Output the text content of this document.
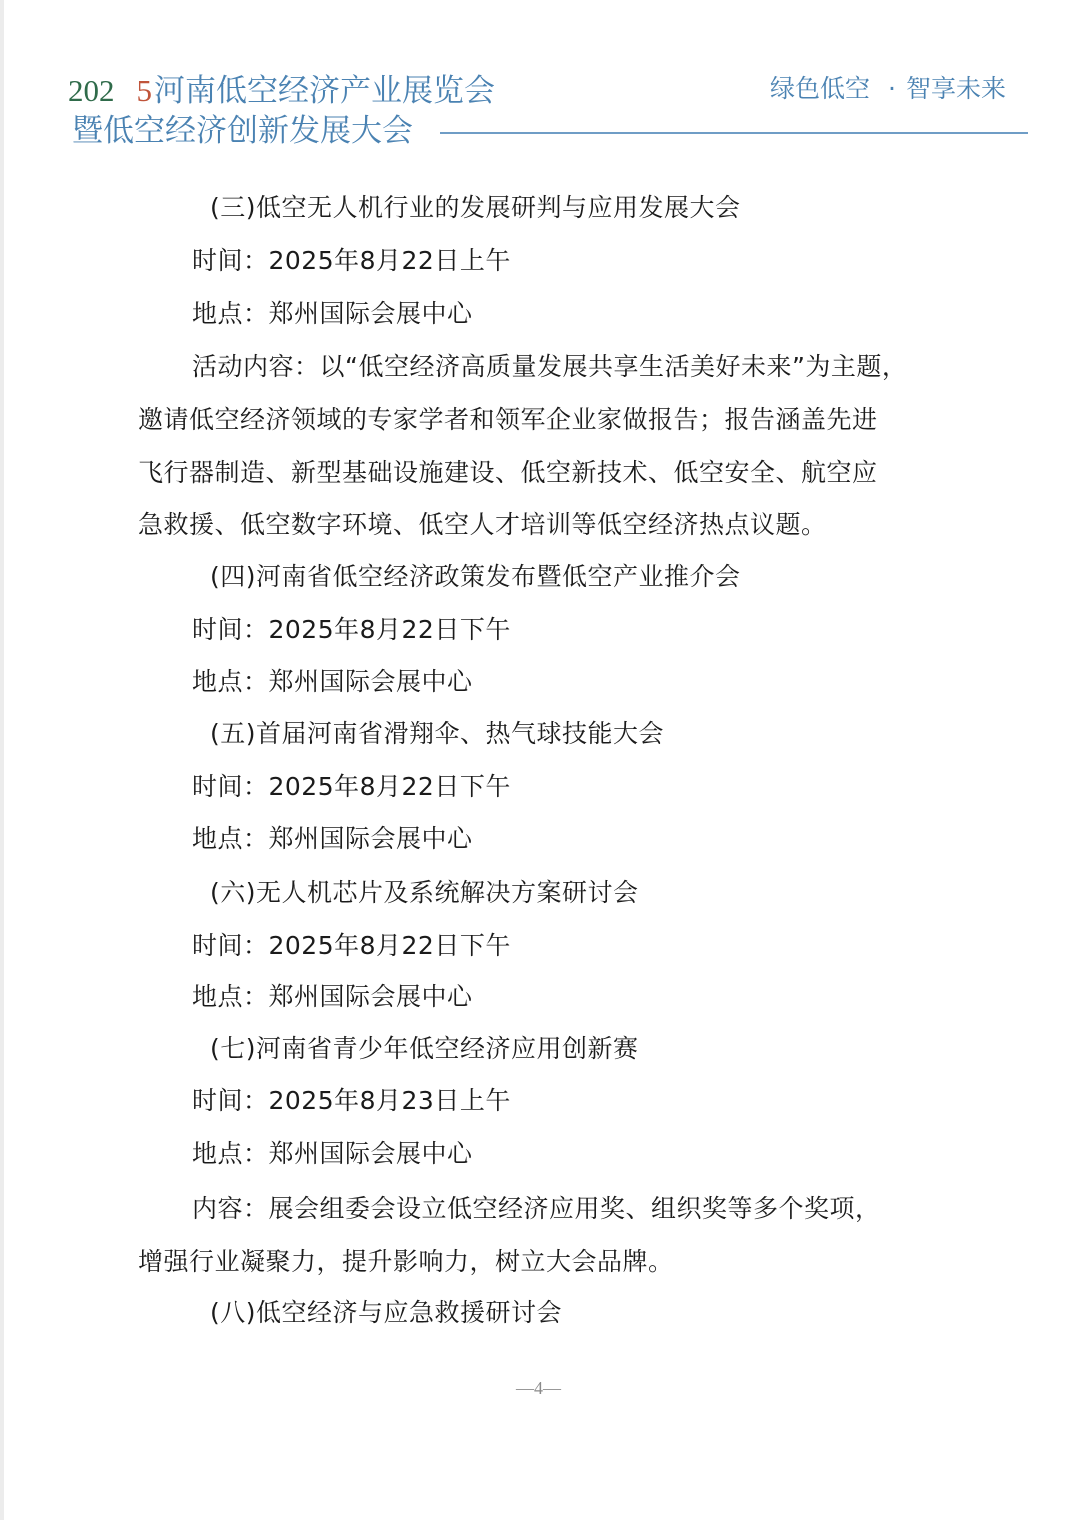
202 5河南低空经济产业展览会
暨低空经济创新发展大会
绿色低空 · 智享未来
(三)低空无人机行业的发展研判与应用发展大会
时间：2025年8月22日上午
地点：郑州国际会展中心
活动内容：以“低空经济高质量发展共享生活美好未来”为主题，
邀请低空经济领域的专家学者和领军企业家做报告；报告涵盖先进
飞行器制造、新型基础设施建设、低空新技术、低空安全、航空应
急救援、低空数字环境、低空人才培训等低空经济热点议题。
(四)河南省低空经济政策发布暨低空产业推介会
时间：2025年8月22日下午
地点：郑州国际会展中心
(五)首届河南省滑翔伞、热气球技能大会
时间：2025年8月22日下午
地点：郑州国际会展中心
(六)无人机芯片及系统解决方案研讨会
时间：2025年8月22日下午
地点：郑州国际会展中心
(七)河南省青少年低空经济应用创新赛
时间：2025年8月23日上午
地点：郑州国际会展中心
内容：展会组委会设立低空经济应用奖、组织奖等多个奖项，
增强行业凝聚力，提升影响力，树立大会品牌。
(八)低空经济与应急救援研讨会
—4—
